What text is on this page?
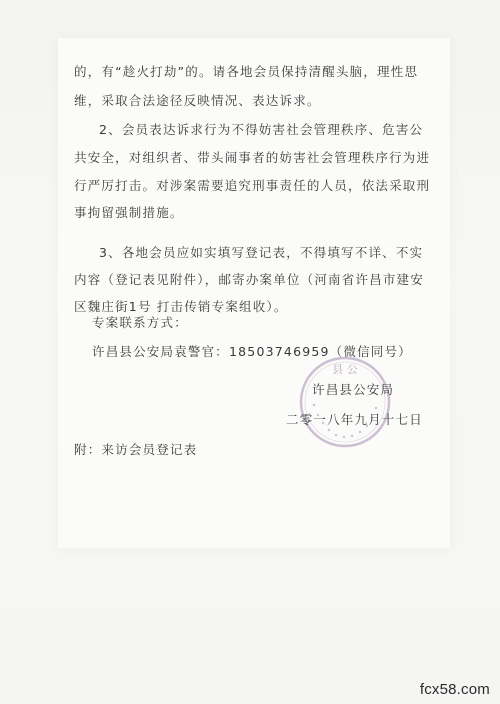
的，有“趁火打劫”的。请各地会员保持清醒头脑，理性思
维，采取合法途径反映情况、表达诉求。
2、会员表达诉求行为不得妨害社会管理秩序、危害公
共安全，对组织者、带头闹事者的妨害社会管理秩序行为进
行严厉打击。对涉案需要追究刑事责任的人员，依法采取刑
事拘留强制措施。
3、各地会员应如实填写登记表，不得填写不详、不实
内容（登记表见附件），邮寄办案单位（河南省许昌市建安
区魏庄街1号 打击传销专案组收）。
专案联系方式：
许昌县公安局袁警官：18503746959（微信同号）
县 公
许昌县公安局
二零一八年九月十七日
附：来访会员登记表
fcx58.com
